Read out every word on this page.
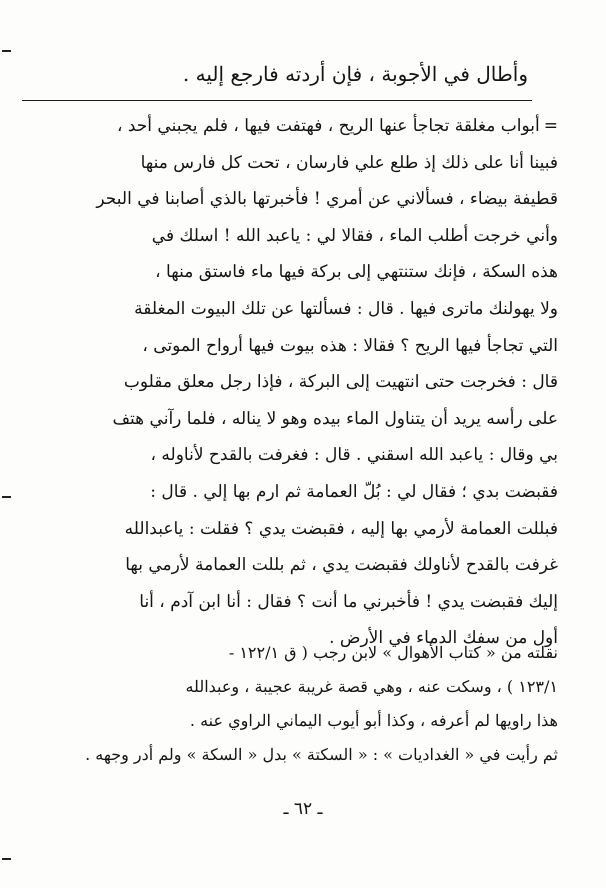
وأطال في الأجوبة ، فإن أردته فارجع إليه .
=أبواب مغلقة تجاجأ عنها الريح ، فهتفت فيها ، فلم يجبني أحد ،
فبينا أنا على ذلك إذ طلع علي فارسان ، تحت كل فارس منها
قطيفة بيضاء ، فسألاني عن أمري ! فأخبرتها بالذي أصابنا في البحر
وأني خرجت أطلب الماء ، فقالا لي : ياعبد الله ! اسلك في
هذه السكة ، فإنك ستنتهي إلى بركة فيها ماء فاستق منها ،
ولا يهولنك ماترى فيها . قال : فسألتها عن تلك البيوت المغلقة
التي تجاجأ فيها الريح ؟ فقالا : هذه بيوت فيها أرواح الموتى ،
قال : فخرجت حتى انتهيت إلى البركة ، فإذا رجل معلق مقلوب
على رأسه يريد أن يتناول الماء بيده وهو لا يناله ، فلما رآني هتف
بي وقال : ياعبد الله اسقني . قال : فغرفت بالقدح لأناوله ،
فقبضت بدي ؛ فقال لي : بُلّ العمامة ثم ارم بها إلي . قال :
فبللت العمامة لأرمي بها إليه ، فقبضت يدي ؟ فقلت : ياعبدالله
غرفت بالقدح لأناولك فقبضت يدي ، ثم بللت العمامة لأرمي بها
إليك فقبضت يدي ! فأخبرني ما أنت ؟ فقال : أنا ابن آدم ، أنا
أول من سفك الدماء في الأرض .
نقلته من « كتاب الأهوال » لابن رجب ( ق ١٢٢/١ -
١٢٣/١ ) ، وسكت عنه ، وهي قصة غريبة عجيبة ، وعبدالله
هذا راويها لم أعرفه ، وكذا أبو أيوب اليماني الراوي عنه .
ثم رأيت في « الغداديات » : « السكتة » بدل « السكة » ولم أدر وجهه .
ـ ٦٢ ـ
